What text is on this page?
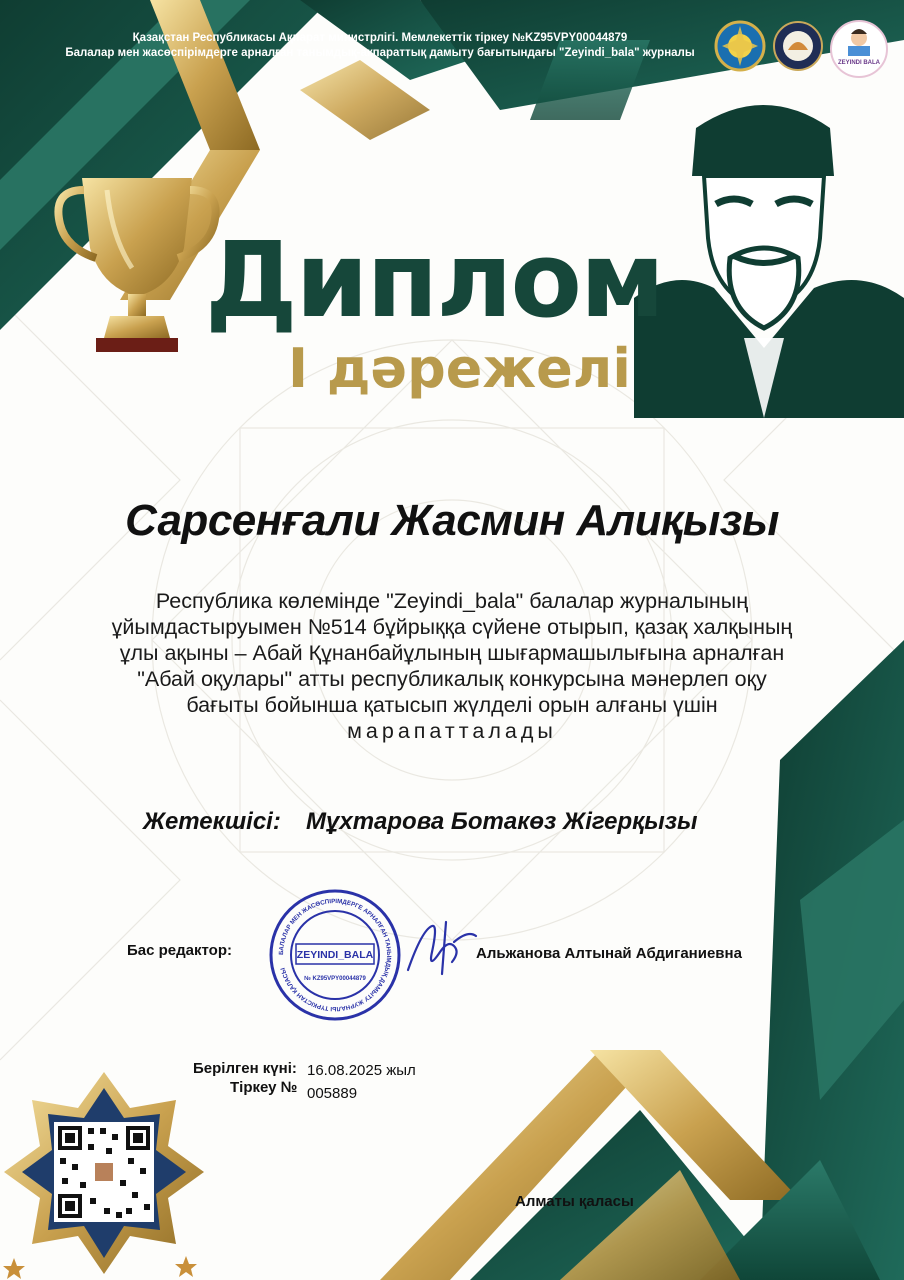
Қазақстан Республикасы Ақпарат министрлігі. Мемлекеттік тіркеу №KZ95VPY00044879
Балалар мен жасөспірімдерге арналған танымдық-ақпараттық дамыту бағытындағы "Zeyindi_bala" журналы
ZEYINDI BALA
Диплом
I дәрежелі
Сарсенғали Жасмин Алиқызы
Республика көлемінде "Zeyindi_bala" балалар журналының
ұйымдастыруымен №514 бұйрыққа сүйене отырып, қазақ халқының
ұлы ақыны – Абай Құнанбайұлының шығармашылығына арналған
"Абай оқулары" атты республикалық конкурсына мәнерлеп оқу
бағыты бойынша қатысып жүлделі орын алғаны үшін
марапатталады
Жетекшісі: Мұхтарова Ботакөз Жігерқызы
Бас редактор:	БАЛАЛАР МЕН ЖАСӨСПІРІМДЕРГЕ АРНАЛҒАН ТАНЫМДЫҚ ДАМЫТУ ЖУРНАЛЫ ТҮРКІСТАН ҚАЛАСЫ
ZEYINDI_BALA
№ KZ95VPY00044879
Альжанова Алтынай Абдиганиевна
Берілген күні: 16.08.2025 жыл
Тіркеу № 005889
Алматы қаласы
